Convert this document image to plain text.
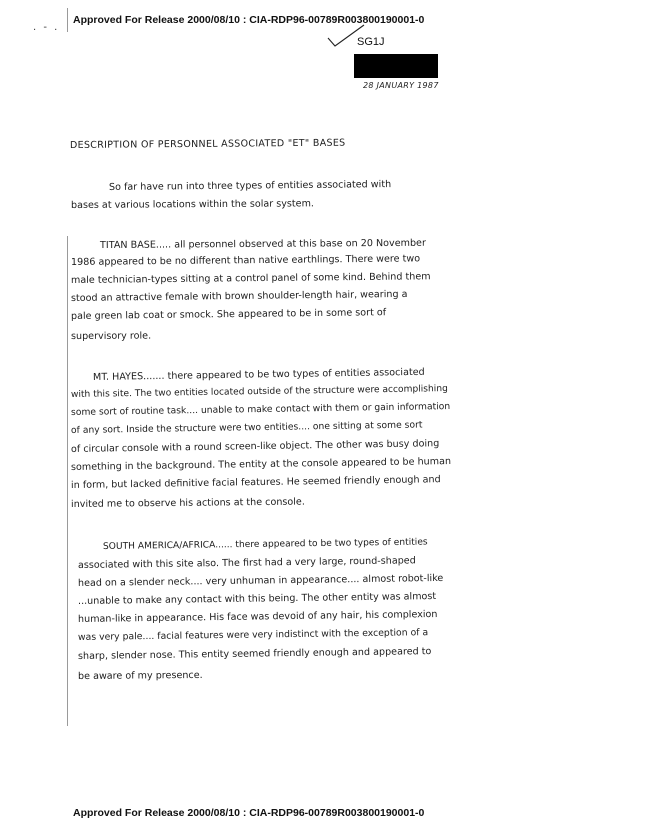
. - .
Approved For Release 2000/08/10 : CIA-RDP96-00789R003800190001-0
SG1J
28 JANUARY 1987
DESCRIPTION OF PERSONNEL ASSOCIATED "ET" BASES
So far have run into three types of entities associated with
bases at various locations within the solar system.
TITAN BASE..... all personnel observed at this base on 20 November
1986 appeared to be no different than native earthlings. There were two
male technician-types sitting at a control panel of some kind. Behind them
stood an attractive female with brown shoulder-length hair, wearing a
pale green lab coat or smock. She appeared to be in some sort of
supervisory role.
MT. HAYES....... there appeared to be two types of entities associated
with this site. The two entities located outside of the structure were accomplishing
some sort of routine task.... unable to make contact with them or gain information
of any sort. Inside the structure were two entities.... one sitting at some sort
of circular console with a round screen-like object. The other was busy doing
something in the background. The entity at the console appeared to be human
in form, but lacked definitive facial features. He seemed friendly enough and
invited me to observe his actions at the console.
SOUTH AMERICA/AFRICA...... there appeared to be two types of entities
associated with this site also. The first had a very large, round-shaped
head on a slender neck.... very unhuman in appearance.... almost robot-like
...unable to make any contact with this being. The other entity was almost
human-like in appearance. His face was devoid of any hair, his complexion
was very pale.... facial features were very indistinct with the exception of a
sharp, slender nose. This entity seemed friendly enough and appeared to
be aware of my presence.
Approved For Release 2000/08/10 : CIA-RDP96-00789R003800190001-0
